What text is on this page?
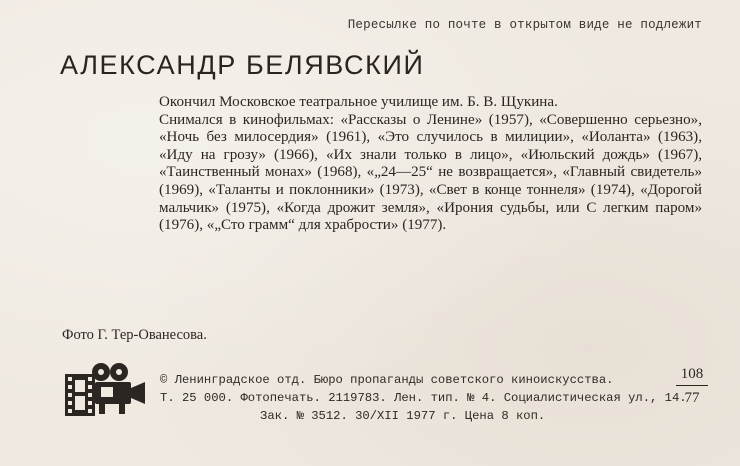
Пересылке по почте в открытом виде не подлежит
АЛЕКСАНДР БЕЛЯВСКИЙ

Окончил Московское театральное училище им. Б. В. Щукина.

Снимался в кинофильмах: «Рассказы о Ленине» (1957), «Совершенно серьезно», «Ночь без милосердия» (1961), «Это случилось в милиции», «Иоланта» (1963), «Иду на грозу» (1966), «Их знали только в лицо», «Июльский дождь» (1967), «Таинственный монах» (1968), «„24—25“ не возвращается», «Главный свидетель» (1969), «Таланты и поклонники» (1973), «Свет в конце тоннеля» (1974), «Дорогой мальчик» (1975), «Когда дрожит земля», «Ирония судьбы, или С легким паром» (1976), «„Сто грамм“ для храбрости» (1977).

Фото Г. Тер-Ованесова.
© Ленинградское отд. Бюро пропаганды советского киноискусства.
Т. 25 000. Фотопечать. 2119783. Лен. тип. № 4. Социалистическая ул., 14.
Зак. № 3512. 30/XII 1977 г. Цена 8 коп.
108
77
